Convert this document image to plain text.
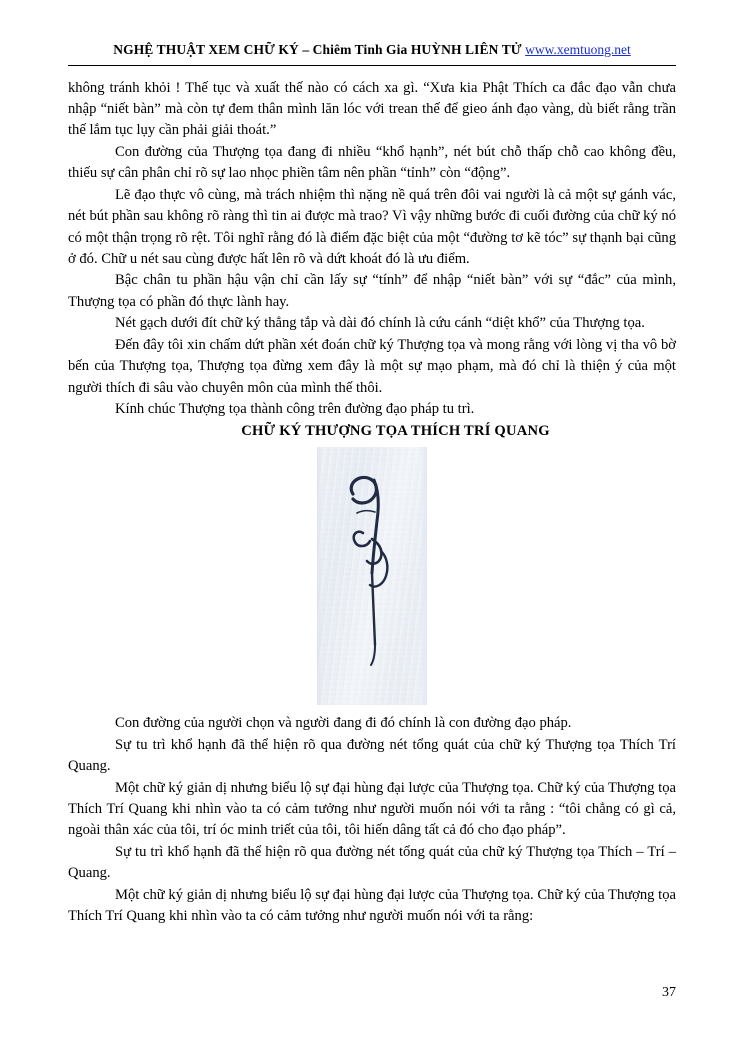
NGHỆ THUẬT XEM CHỮ KÝ – Chiêm Tinh Gia HUỲNH LIÊN TỬ www.xemtuong.net

không tránh khỏi ! Thế tục và xuất thế nào có cách xa gì. “Xưa kia Phật Thích ca đắc đạo vẫn chưa nhập “niết bàn” mà còn tự đem thân mình lăn lóc với trean thế để gieo ánh đạo vàng, dù biết rằng trần thế lắm tục lụy cần phải giải thoát.”

Con đường của Thượng tọa đang đi nhiều “khổ hạnh”, nét bút chỗ thấp chỗ cao không đều, thiếu sự cân phân chỉ rõ sự lao nhọc phiền tâm nên phần “tỉnh” còn “động”.

Lẽ đạo thực vô cùng, mà trách nhiệm thì nặng nề quá trên đôi vai người là cả một sự gánh vác, nét bút phần sau không rõ ràng thì tin ai được mà trao? Vì vậy những bước đi cuối đường của chữ ký nó có một thận trọng rõ rệt. Tôi nghĩ rằng đó là điểm đặc biệt của một “đường tơ kẽ tóc” sự thạnh bại cũng ở đó. Chữ u nét sau cùng được hất lên rõ và dứt khoát đó là ưu điểm.

Bậc chân tu phần hậu vận chỉ cần lấy sự “tính” để nhập “niết bàn” với sự “đắc” của mình, Thượng tọa có phần đó thực lành hay.

Nét gạch dưới đít chữ ký thẳng tắp và dài đó chính là cứu cánh “diệt khổ” của Thượng tọa.

Đến đây tôi xin chấm dứt phần xét đoán chữ ký Thượng tọa và mong rằng với lòng vị tha vô bờ bến của Thượng tọa, Thượng tọa đừng xem đây là một sự mạo phạm, mà đó chỉ là thiện ý của một người thích đi sâu vào chuyên môn của mình thế thôi.

Kính chúc Thượng tọa thành công trên đường đạo pháp tu trì.

CHỮ KÝ THƯỢNG TỌA THÍCH TRÍ QUANG

Con đường của người chọn và người đang đi đó chính là con đường đạo pháp.

Sự tu trì khổ hạnh đã thể hiện rõ qua đường nét tổng quát của chữ ký Thượng tọa Thích Trí Quang.

Một chữ ký giản dị nhưng biểu lộ sự đại hùng đại lược của Thượng tọa. Chữ ký của Thượng tọa Thích Trí Quang khi nhìn vào ta có cảm tưởng như người muốn nói với ta rằng : “tôi chẳng có gì cả, ngoài thân xác của tôi, trí óc minh triết của tôi, tôi hiến dâng tất cả đó cho đạo pháp”.

Sự tu trì khổ hạnh đã thể hiện rõ qua đường nét tổng quát của chữ ký Thượng tọa Thích – Trí – Quang.

Một chữ ký giản dị nhưng biểu lộ sự đại hùng đại lược của Thượng tọa. Chữ ký của Thượng tọa Thích Trí Quang khi nhìn vào ta có cảm tưởng như người muốn nói với ta rằng:

37
